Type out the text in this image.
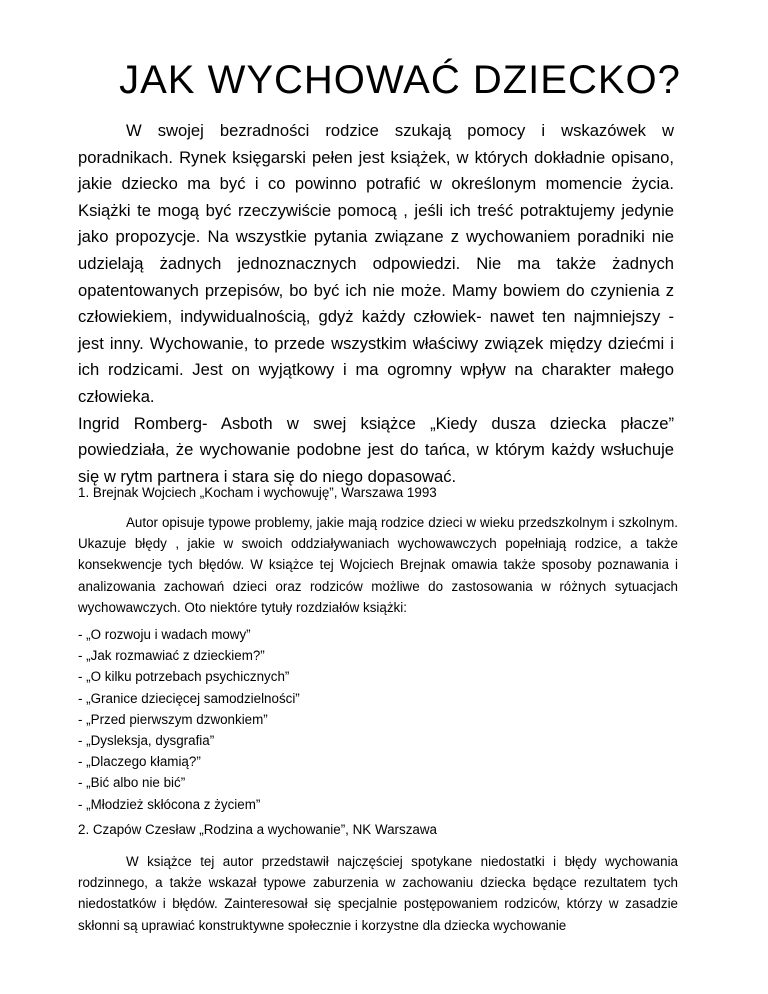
JAK WYCHOWAĆ DZIECKO?

W swojej bezradności rodzice szukają pomocy i wskazówek w poradnikach. Rynek księgarski pełen jest książek, w których dokładnie opisano, jakie dziecko ma być i co powinno potrafić w określonym momencie życia. Książki te mogą być rzeczywiście pomocą , jeśli ich treść potraktujemy jedynie jako propozycje. Na wszystkie pytania związane z wychowaniem poradniki nie udzielają żadnych jednoznacznych odpowiedzi. Nie ma także żadnych opatentowanych przepisów, bo być ich nie może. Mamy bowiem do czynienia z człowiekiem, indywidualnością, gdyż każdy człowiek- nawet ten najmniejszy - jest inny. Wychowanie, to przede wszystkim właściwy związek między dziećmi i ich rodzicami. Jest on wyjątkowy i ma ogromny wpływ na charakter małego człowieka.

Ingrid Romberg- Asboth w swej książce „Kiedy dusza dziecka płacze” powiedziała, że wychowanie podobne jest do tańca, w którym każdy wsłuchuje się w rytm partnera i stara się do niego dopasować.

1. Brejnak Wojciech „Kocham i wychowuję”, Warszawa 1993

Autor opisuje typowe problemy, jakie mają rodzice dzieci w wieku przedszkolnym i szkolnym. Ukazuje błędy , jakie w swoich oddziaływaniach wychowawczych popełniają rodzice, a także konsekwencje tych błędów. W książce tej Wojciech Brejnak omawia także sposoby poznawania i analizowania zachowań dzieci oraz rodziców możliwe do zastosowania w różnych sytuacjach wychowawczych. Oto niektóre tytuły rozdziałów książki:

- „O rozwoju i wadach mowy”
- „Jak rozmawiać z dzieckiem?”
- „O kilku potrzebach psychicznych”
- „Granice dziecięcej samodzielności”
- „Przed pierwszym dzwonkiem”
- „Dysleksja, dysgrafia”
- „Dlaczego kłamią?”
- „Bić albo nie bić”
- „Młodzież skłócona z życiem”

2. Czapów Czesław „Rodzina a wychowanie”, NK Warszawa

W książce tej autor przedstawił najczęściej spotykane niedostatki i błędy wychowania rodzinnego, a także wskazał typowe zaburzenia w zachowaniu dziecka będące rezultatem tych niedostatków i błędów. Zainteresował się specjalnie postępowaniem rodziców, którzy w zasadzie skłonni są uprawiać konstruktywne społecznie i korzystne dla dziecka wychowanie
